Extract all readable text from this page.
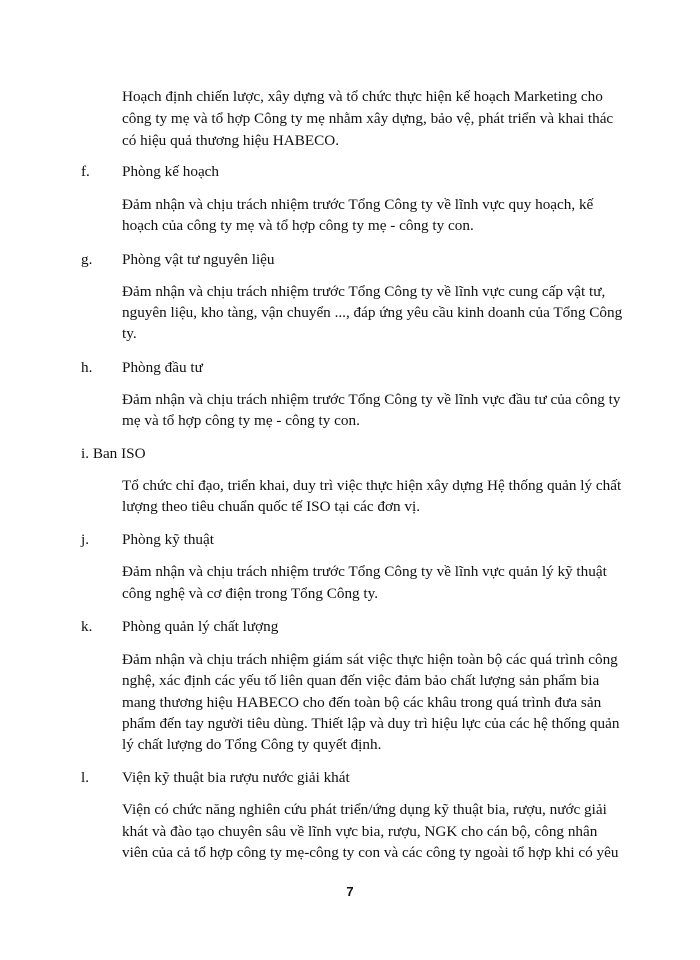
Hoạch định chiến lược, xây dựng và tổ chức thực hiện kế hoạch Marketing cho
công ty mẹ và tổ hợp Công ty mẹ nhằm xây dựng, bảo vệ, phát triển và khai thác
có hiệu quả thương hiệu HABECO.
f. Phòng kế hoạch
Đảm nhận và chịu trách nhiệm trước Tổng Công ty về lĩnh vực quy hoạch, kế
hoạch của công ty mẹ và tổ hợp công ty mẹ - công ty con.
g. Phòng vật tư nguyên liệu
Đảm nhận và chịu trách nhiệm trước Tổng Công ty về lĩnh vực cung cấp vật tư,
nguyên liệu, kho tàng, vận chuyển ..., đáp ứng yêu cầu kinh doanh của Tổng Công
ty.
h. Phòng đầu tư
Đảm nhận và chịu trách nhiệm trước Tổng Công ty về lĩnh vực đầu tư của công ty
mẹ và tổ hợp công ty mẹ - công ty con.
i. Ban ISO
Tổ chức chỉ đạo, triển khai, duy trì việc thực hiện xây dựng Hệ thống quản lý chất
lượng theo tiêu chuẩn quốc tế ISO tại các đơn vị.
j. Phòng kỹ thuật
Đảm nhận và chịu trách nhiệm trước Tổng Công ty về lĩnh vực quản lý kỹ thuật
công nghệ và cơ điện trong Tổng Công ty.
k. Phòng quản lý chất lượng
Đảm nhận và chịu trách nhiệm giám sát việc thực hiện toàn bộ các quá trình công
nghệ, xác định các yếu tố liên quan đến việc đảm bảo chất lượng sản phẩm bia
mang thương hiệu HABECO cho đến toàn bộ các khâu trong quá trình đưa sản
phẩm đến tay người tiêu dùng. Thiết lập và duy trì hiệu lực của các hệ thống quản
lý chất lượng do Tổng Công ty quyết định.
l. Viện kỹ thuật bia rượu nước giải khát
Viện có chức năng nghiên cứu phát triển/ứng dụng kỹ thuật bia, rượu, nước giải
khát và đào tạo chuyên sâu về lĩnh vực bia, rượu, NGK cho cán bộ, công nhân
viên của cả tổ hợp công ty mẹ-công ty con và các công ty ngoài tổ hợp khi có yêu
7
